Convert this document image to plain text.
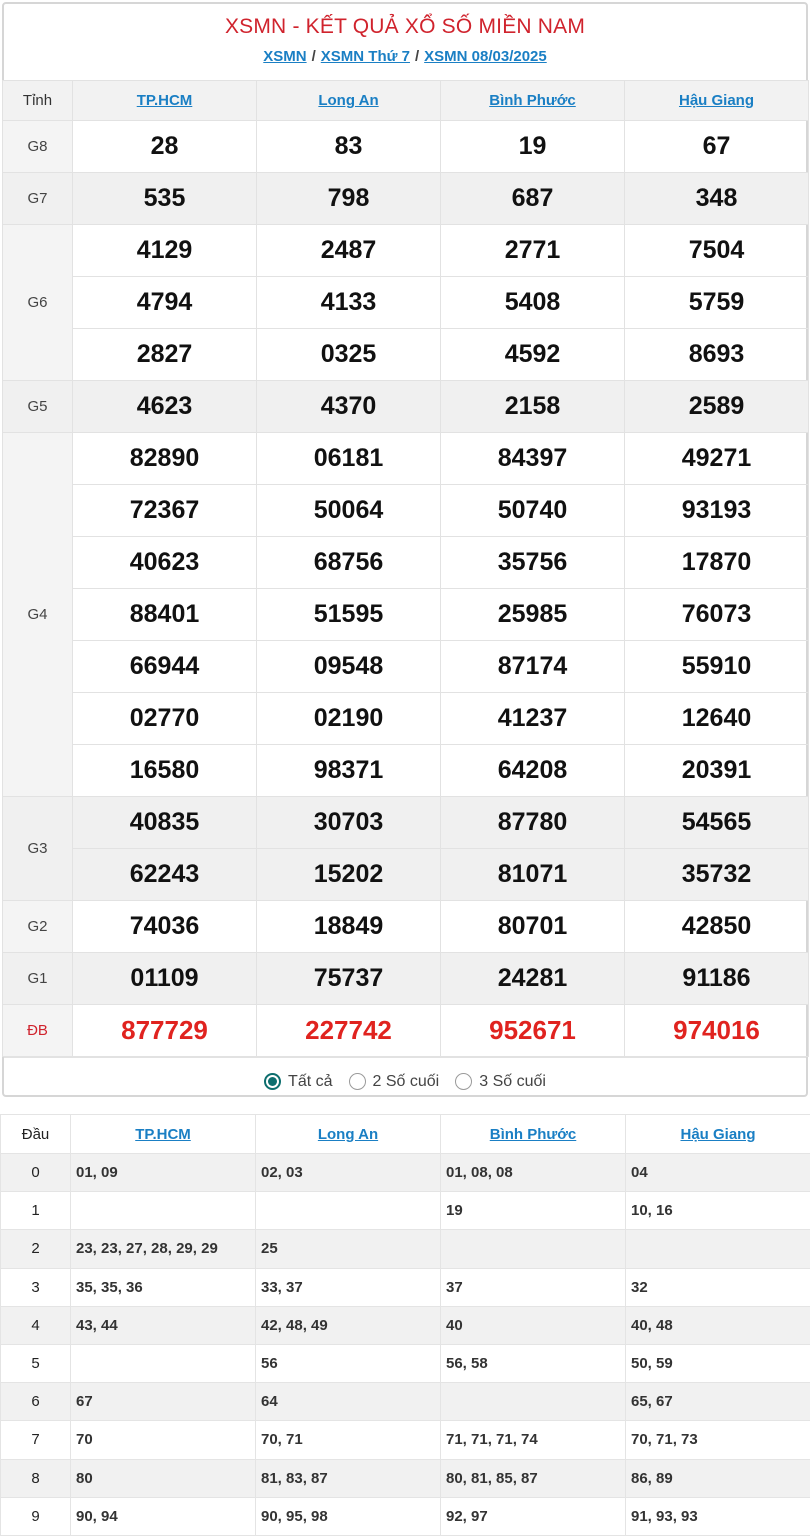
XSMN - KẾT QUẢ XỔ SỐ MIỀN NAM
XSMN / XSMN Thứ 7 / XSMN 08/03/2025
Tỉnh	TP.HCM	Long An	Bình Phước	Hậu Giang
G8	28	83	19	67
G7	535	798	687	348
G6	4129	2487	2771	7504
	4794	4133	5408	5759
	2827	0325	4592	8693
G5	4623	4370	2158	2589
G4	82890	06181	84397	49271
	72367	50064	50740	93193
	40623	68756	35756	17870
	88401	51595	25985	76073
	66944	09548	87174	55910
	02770	02190	41237	12640
	16580	98371	64208	20391
G3	40835	30703	87780	54565
	62243	15202	81071	35732
G2	74036	18849	80701	42850
G1	01109	75737	24281	91186
ĐB	877729	227742	952671	974016
Tất cả	2 Số cuối	3 Số cuối
Đầu	TP.HCM	Long An	Bình Phước	Hậu Giang
0	01, 09	02, 03	01, 08, 08	04
1			19	10, 16
2	23, 23, 27, 28, 29, 29	25		
3	35, 35, 36	33, 37	37	32
4	43, 44	42, 48, 49	40	40, 48
5		56	56, 58	50, 59
6	67	64		65, 67
7	70	70, 71	71, 71, 71, 74	70, 71, 73
8	80	81, 83, 87	80, 81, 85, 87	86, 89
9	90, 94	90, 95, 98	92, 97	91, 93, 93
